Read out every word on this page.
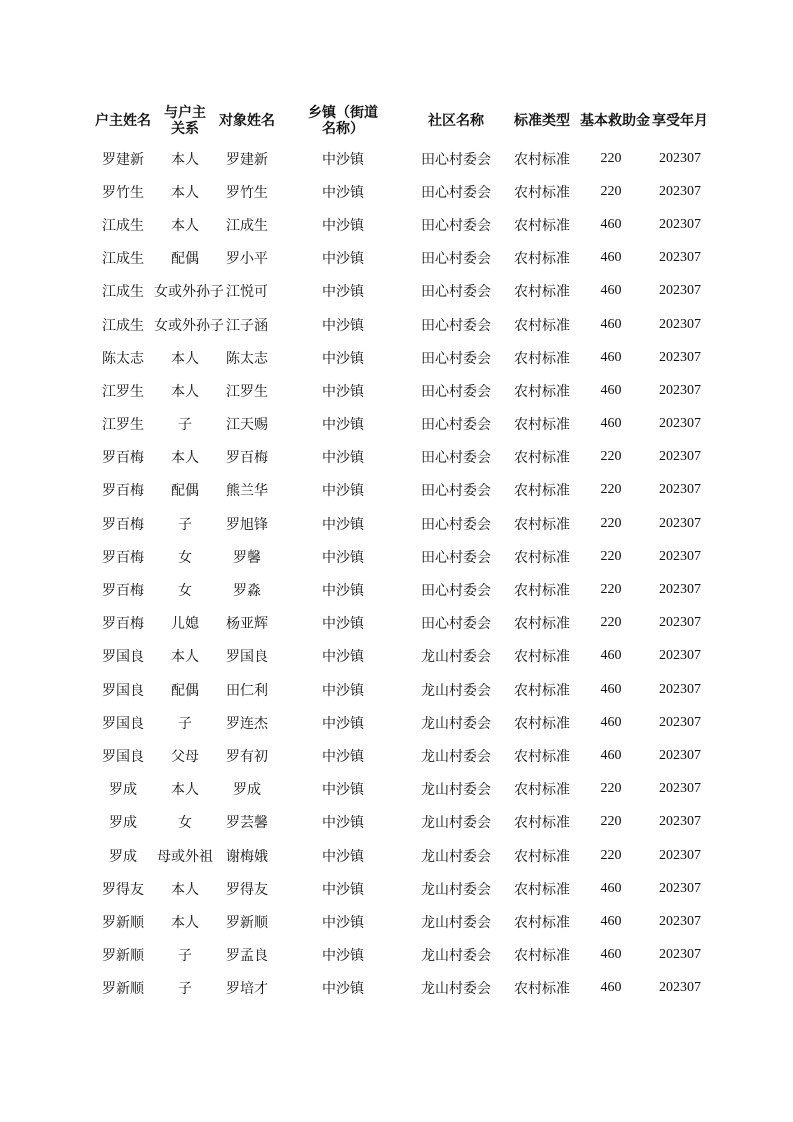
户主姓名	与户主关系	对象姓名	乡镇（街道名称）	社区名称	标准类型	基本救助金	享受年月
罗建新	本人	罗建新	中沙镇	田心村委会	农村标准	220	202307
罗竹生	本人	罗竹生	中沙镇	田心村委会	农村标准	220	202307
江成生	本人	江成生	中沙镇	田心村委会	农村标准	460	202307
江成生	配偶	罗小平	中沙镇	田心村委会	农村标准	460	202307
江成生	女或外孙子	江悦可	中沙镇	田心村委会	农村标准	460	202307
江成生	女或外孙子	江子涵	中沙镇	田心村委会	农村标准	460	202307
陈太志	本人	陈太志	中沙镇	田心村委会	农村标准	460	202307
江罗生	本人	江罗生	中沙镇	田心村委会	农村标准	460	202307
江罗生	子	江天赐	中沙镇	田心村委会	农村标准	460	202307
罗百梅	本人	罗百梅	中沙镇	田心村委会	农村标准	220	202307
罗百梅	配偶	熊兰华	中沙镇	田心村委会	农村标准	220	202307
罗百梅	子	罗旭锋	中沙镇	田心村委会	农村标准	220	202307
罗百梅	女	罗馨	中沙镇	田心村委会	农村标准	220	202307
罗百梅	女	罗淼	中沙镇	田心村委会	农村标准	220	202307
罗百梅	儿媳	杨亚辉	中沙镇	田心村委会	农村标准	220	202307
罗国良	本人	罗国良	中沙镇	龙山村委会	农村标准	460	202307
罗国良	配偶	田仁利	中沙镇	龙山村委会	农村标准	460	202307
罗国良	子	罗连杰	中沙镇	龙山村委会	农村标准	460	202307
罗国良	父母	罗有初	中沙镇	龙山村委会	农村标准	460	202307
罗成	本人	罗成	中沙镇	龙山村委会	农村标准	220	202307
罗成	女	罗芸馨	中沙镇	龙山村委会	农村标准	220	202307
罗成	母或外祖	谢梅娥	中沙镇	龙山村委会	农村标准	220	202307
罗得友	本人	罗得友	中沙镇	龙山村委会	农村标准	460	202307
罗新顺	本人	罗新顺	中沙镇	龙山村委会	农村标准	460	202307
罗新顺	子	罗孟良	中沙镇	龙山村委会	农村标准	460	202307
罗新顺	子	罗培才	中沙镇	龙山村委会	农村标准	460	202307
